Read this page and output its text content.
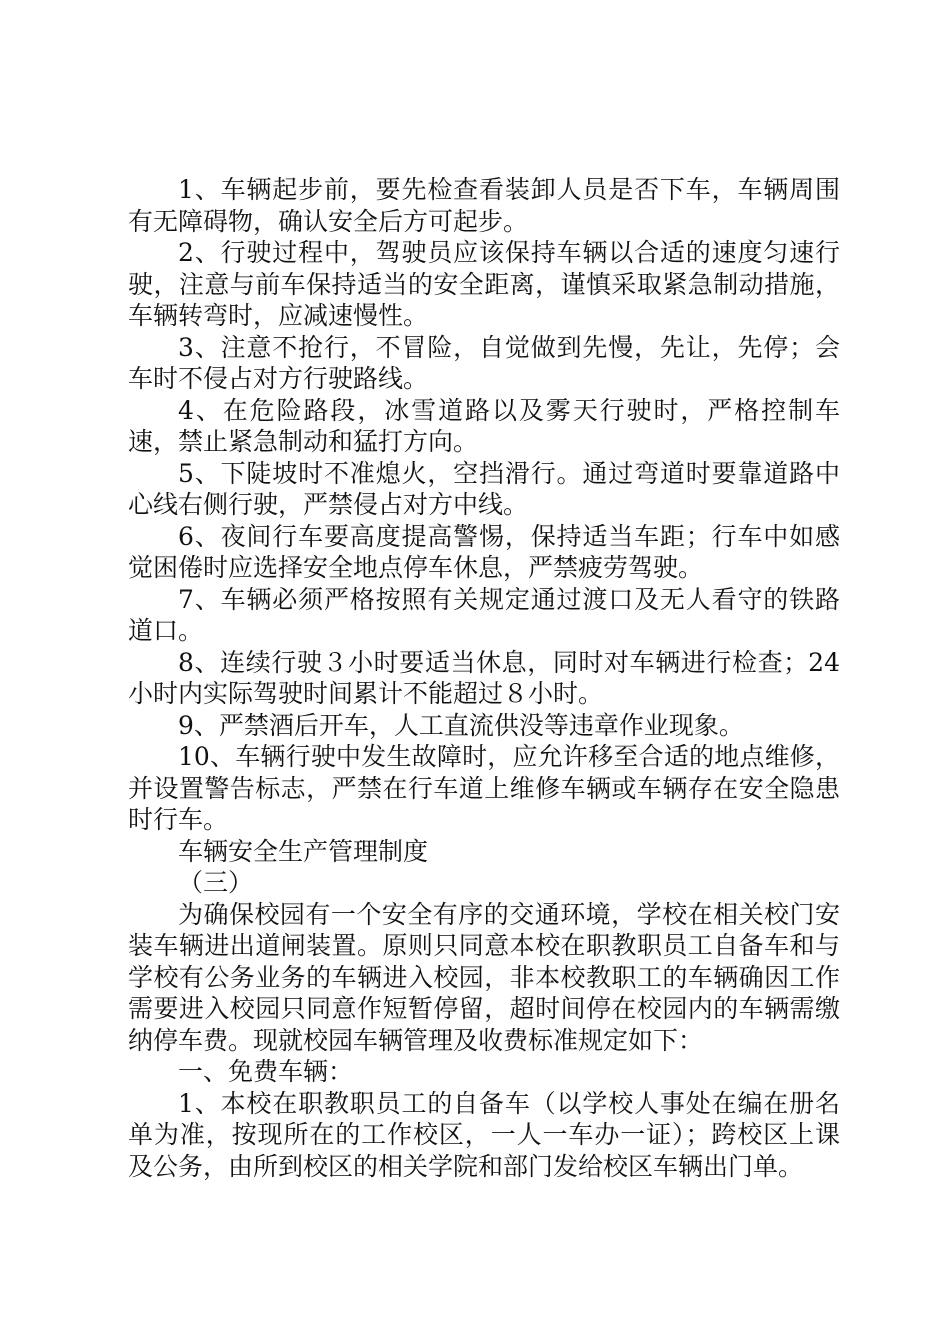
1、车辆起步前，要先检查看装卸人员是否下车，车辆周围有无障碍物，确认安全后方可起步。

2、行驶过程中，驾驶员应该保持车辆以合适的速度匀速行驶，注意与前车保持适当的安全距离，谨慎采取紧急制动措施，车辆转弯时，应减速慢性。

3、注意不抢行，不冒险，自觉做到先慢，先让，先停；会车时不侵占对方行驶路线。

4、在危险路段，冰雪道路以及雾天行驶时，严格控制车速，禁止紧急制动和猛打方向。

5、下陡坡时不准熄火，空挡滑行。通过弯道时要靠道路中心线右侧行驶，严禁侵占对方中线。

6、夜间行车要高度提高警惕，保持适当车距；行车中如感觉困倦时应选择安全地点停车休息，严禁疲劳驾驶。

7、车辆必须严格按照有关规定通过渡口及无人看守的铁路道口。

8、连续行驶３小时要适当休息，同时对车辆进行检查；24小时内实际驾驶时间累计不能超过８小时。

9、严禁酒后开车，人工直流供没等违章作业现象。

10、车辆行驶中发生故障时，应允许移至合适的地点维修，并设置警告标志，严禁在行车道上维修车辆或车辆存在安全隐患时行车。

车辆安全生产管理制度

（三）

为确保校园有一个安全有序的交通环境，学校在相关校门安装车辆进出道闸装置。原则只同意本校在职教职员工自备车和与学校有公务业务的车辆进入校园，非本校教职工的车辆确因工作需要进入校园只同意作短暂停留，超时间停在校园内的车辆需缴纳停车费。现就校园车辆管理及收费标准规定如下：

一、免费车辆：

1、本校在职教职员工的自备车（以学校人事处在编在册名单为准，按现所在的工作校区，一人一车办一证）；跨校区上课及公务，由所到校区的相关学院和部门发给校区车辆出门单。
